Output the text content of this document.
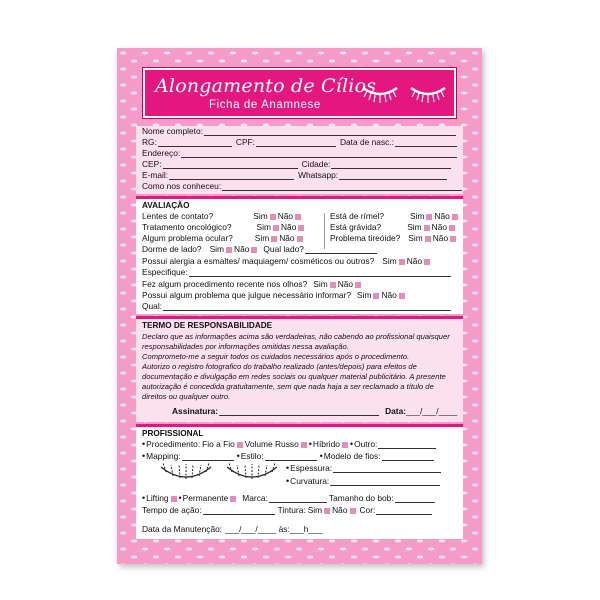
Alongamento de Cílios
Ficha de Anamnese
Nome completo:
RG:	CPF:	Data de nasc.:
Endereço:
CEP:	Cidade:
E-mail:	Whatsapp:
Como nos conheceu:
AVALIAÇÃO
Lentes de contato?	Sim Não
Tratamento oncológico?	Sim Não
Algum problema ocular?	Sim Não
Está de rímel?	Sim Não
Está grávida?	Sim Não
Problema tireóide? Sim Não
Dorme de lado? Sim Não Qual lado?
Possui alergia a esmaltes/ maquiagem/ cosméticos ou outros? Sim Não
Especifique:
Fez algum procedimento recente nos olhos? Sim Não
Possui algum problema que julgue necessário informar? Sim Não
Qual:
TERMO DE RESPONSABILIDADE
Declaro que as informações acima são verdadeiras, não cabendo ao profissional quaisquer responsabilidades por informações omitidas nessa avaliação.
Comprometo-me a seguir todos os cuidados necessários após o procedimento.
Autorizo o registro fotografico do trabalho realizado (antes/depois) para efeitos de documentação e divulgação em redes sociais ou qualquer material publicitário. A presente autorização é concedida gratuitamente, sem que nada haja a ser reclamado a título de direitos ou qualquer outro.
Assinatura:	Data: ___/___/____
PROFISSIONAL
• Procedimento: Fio a Fio Volume Russo • Híbrido • Outro:
• Mapping:	• Estilo:	• Modelo de fios:
• Espessura:
• Curvatura:
• Lifting • Permanente Marca:	Tamanho do bob:
Tempo de ação:	Tintura: Sim Não Cor:
Data da Manutenção: ___/___/____ às:___h___
